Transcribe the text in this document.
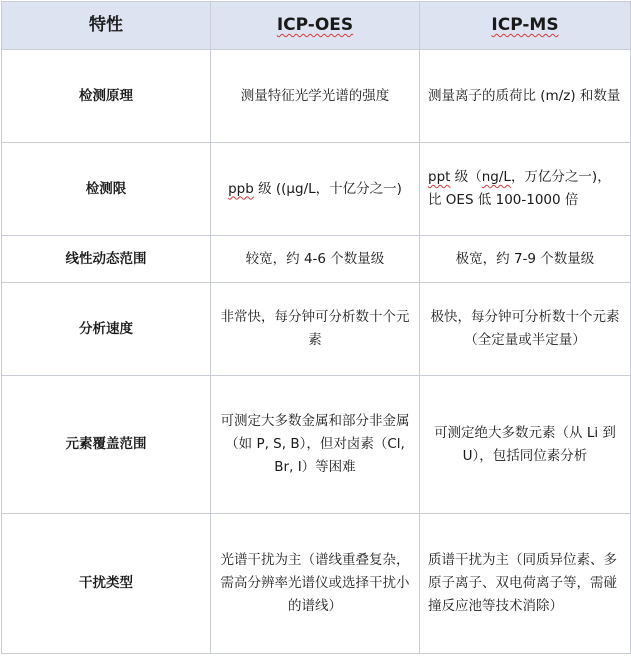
特性	ICP-OES	ICP-MS
检测原理	测量特征光学光谱的强度	测量离子的质荷比 (m/z) 和数量
检测限	ppb 级 ((μg/L，十亿分之一)	ppt 级（ng/L，万亿分之一)，比 OES 低 100-1000 倍
线性动态范围	较宽，约 4-6 个数量级	极宽，约 7-9 个数量级
分析速度	非常快，每分钟可分析数十个元素	极快，每分钟可分析数十个元素（全定量或半定量）
元素覆盖范围	可测定大多数金属和部分非金属（如 P, S, B），但对卤素（Cl, Br, I）等困难	可测定绝大多数元素（从 Li 到 U），包括同位素分析
干扰类型	光谱干扰为主（谱线重叠复杂，需高分辨率光谱仪或选择干扰小的谱线）	质谱干扰为主（同质异位素、多原子离子、双电荷离子等，需碰撞反应池等技术消除）
